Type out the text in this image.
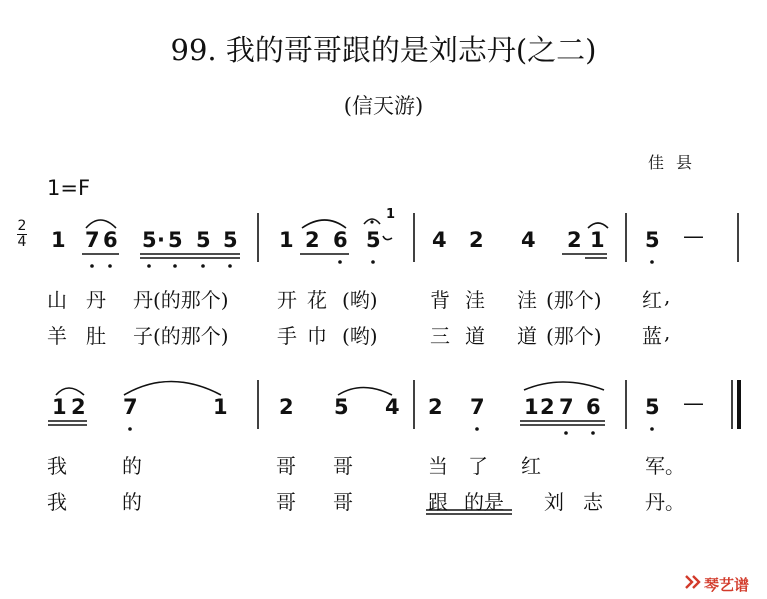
99. 我的哥哥跟的是刘志丹(之二)
(信天游)
佳县
1=F
2
4 1 7 6 5 · 5 5 5 1 2 6 5
1
4 2 4 2 1 5 —
山 丹 丹(的那个) 开 花 (哟)	背 洼 洼 (那个) 红 ,
羊 肚 子(的那个) 手 巾 (哟)	三 道 道 (那个) 蓝 ,
1 2 7	1 2 5 4 2 7 1 2 7 6 5 —
我	的	哥 哥	当 了 红	军。
我	的	哥 哥	跟 的是 刘 志 丹。
琴艺谱
